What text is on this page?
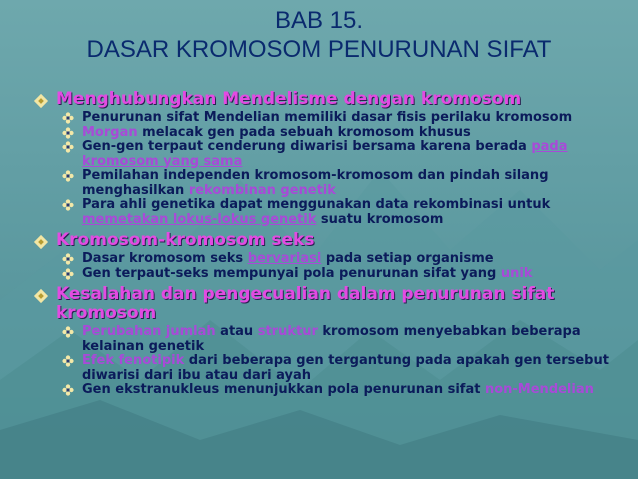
BAB 15.
DASAR KROMOSOM PENURUNAN SIFAT
Menghubungkan Mendelisme dengan kromosom
Penurunan sifat Mendelian memiliki dasar fisis perilaku kromosom
Morgan melacak gen pada sebuah kromosom khusus
Gen-gen terpaut cenderung diwarisi bersama karena berada pada kromosom yang sama
Pemilahan independen kromosom-kromosom dan pindah silang menghasilkan rekombinan genetik
Para ahli genetika dapat menggunakan data rekombinasi untuk memetakan lokus-lokus genetik suatu kromosom
Kromosom-kromosom seks
Dasar kromosom seks bervariasi pada setiap organisme
Gen terpaut-seks mempunyai pola penurunan sifat yang unik
Kesalahan dan pengecualian dalam penurunan sifat kromosom
Perubahan jumlah atau struktur kromosom menyebabkan beberapa kelainan genetik
Efek fenotipik dari beberapa gen tergantung pada apakah gen tersebut diwarisi dari ibu atau dari ayah
Gen ekstranukleus menunjukkan pola penurunan sifat non-Mendelian
